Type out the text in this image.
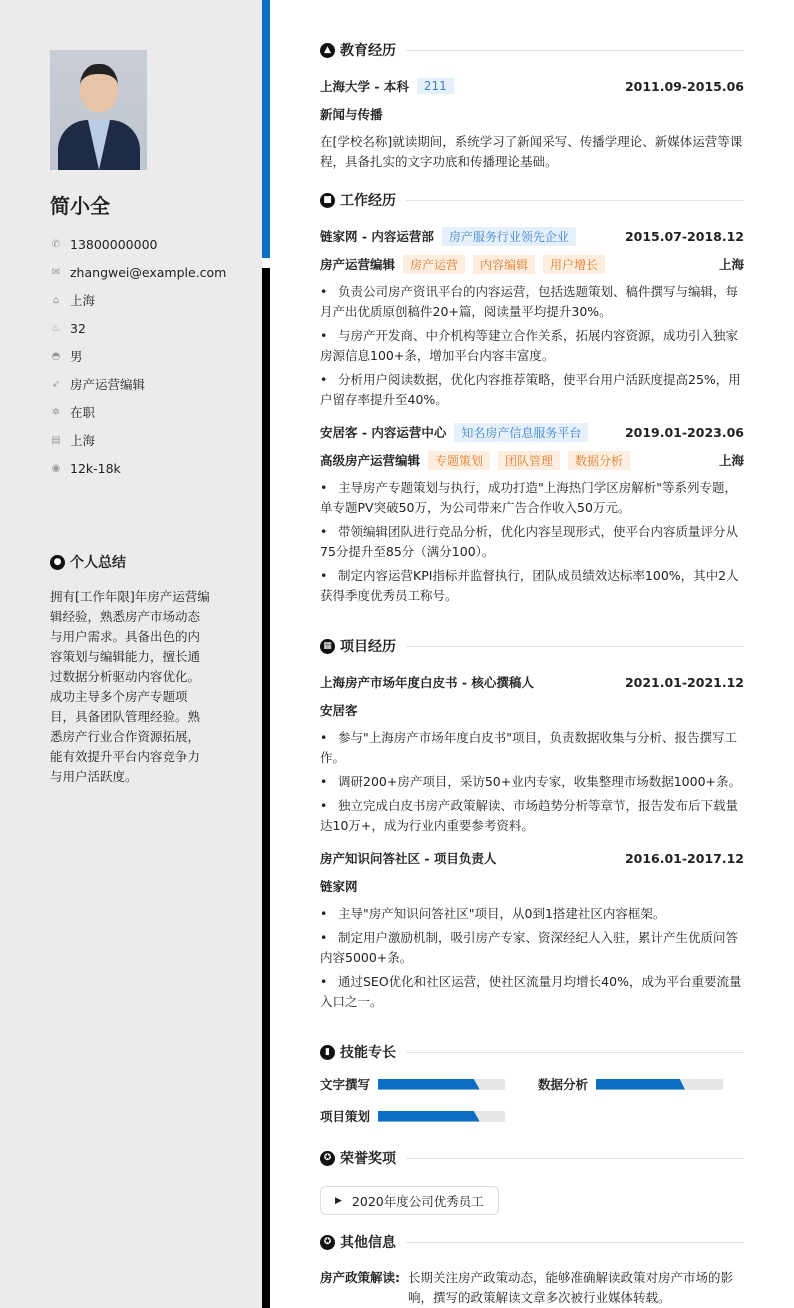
简小全
✆ 13800000000
✉ zhangwei@example.com
⌂ 上海
♨ 32
◓ 男
➶ 房产运营编辑
✲ 在职
▤ 上海
◉ 12k-18k
● 个人总结
拥有[工作年限]年房产运营编辑经验，熟悉房产市场动态与用户需求。具备出色的内容策划与编辑能力，擅长通过数据分析驱动内容优化。成功主导多个房产专题项目，具备团队管理经验。熟悉房产行业合作资源拓展，能有效提升平台内容竞争力与用户活跃度。
▲ 教育经历
上海大学 - 本科	211	2011.09-2015.06
新闻与传播
在[学校名称]就读期间，系统学习了新闻采写、传播学理论、新媒体运营等课程，具备扎实的文字功底和传播理论基础。
■ 工作经历
链家网 - 内容运营部	房产服务行业领先企业	2015.07-2018.12
房产运营编辑	房产运营	内容编辑	用户增长	上海
• 负责公司房产资讯平台的内容运营，包括选题策划、稿件撰写与编辑，每月产出优质原创稿件20+篇，阅读量平均提升30%。
• 与房产开发商、中介机构等建立合作关系，拓展内容资源，成功引入独家房源信息100+条，增加平台内容丰富度。
• 分析用户阅读数据，优化内容推荐策略，使平台用户活跃度提高25%，用户留存率提升至40%。
安居客 - 内容运营中心	知名房产信息服务平台	2019.01-2023.06
高级房产运营编辑	专题策划	团队管理	数据分析	上海
• 主导房产专题策划与执行，成功打造"上海热门学区房解析"等系列专题，单专题PV突破50万，为公司带来广告合作收入50万元。
• 带领编辑团队进行竞品分析，优化内容呈现形式，使平台内容质量评分从75分提升至85分（满分100）。
• 制定内容运营KPI指标并监督执行，团队成员绩效达标率100%，其中2人获得季度优秀员工称号。
▦ 项目经历
上海房产市场年度白皮书 - 核心撰稿人	2021.01-2021.12
安居客
• 参与"上海房产市场年度白皮书"项目，负责数据收集与分析、报告撰写工作。
• 调研200+房产项目，采访50+业内专家，收集整理市场数据1000+条。
• 独立完成白皮书房产政策解读、市场趋势分析等章节，报告发布后下载量达10万+，成为行业内重要参考资料。
房产知识问答社区 - 项目负责人	2016.01-2017.12
链家网
• 主导"房产知识问答社区"项目，从0到1搭建社区内容框架。
• 制定用户激励机制，吸引房产专家、资深经纪人入驻，累计产生优质问答内容5000+条。
• 通过SEO优化和社区运营，使社区流量月均增长40%，成为平台重要流量入口之一。
▮ 技能专长
文字撰写	数据分析
项目策划
✪ 荣誉奖项
▶ 2020年度公司优秀员工
✪ 其他信息
房产政策解读: 长期关注房产政策动态，能够准确解读政策对房产市场的影响，撰写的政策解读文章多次被行业媒体转载。
